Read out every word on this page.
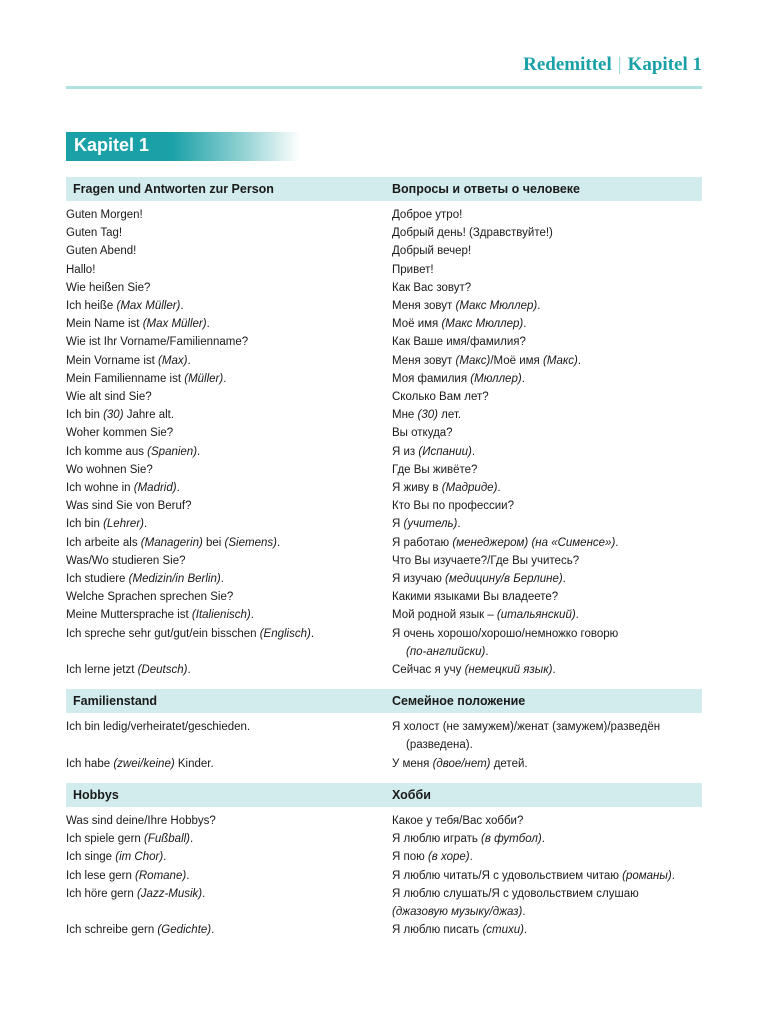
Redemittel | Kapitel 1
Kapitel 1
Fragen und Antworten zur Person	Вопросы и ответы о человеке
Guten Morgen!	Доброе утро!
Guten Tag!	Добрый день! (Здравствуйте!)
Guten Abend!	Добрый вечер!
Hallo!	Привет!
Wie heißen Sie?	Как Вас зовут?
Ich heiße (Max Müller).	Меня зовут (Макс Мюллер).
Mein Name ist (Max Müller).	Моё имя (Макс Мюллер).
Wie ist Ihr Vorname/Familienname?	Как Ваше имя/фамилия?
Mein Vorname ist (Max).	Меня зовут (Макс)/Моё имя (Макс).
Mein Familienname ist (Müller).	Моя фамилия (Мюллер).
Wie alt sind Sie?	Сколько Вам лет?
Ich bin (30) Jahre alt.	Мне (30) лет.
Woher kommen Sie?	Вы откуда?
Ich komme aus (Spanien).	Я из (Испании).
Wo wohnen Sie?	Где Вы живёте?
Ich wohne in (Madrid).	Я живу в (Мадриде).
Was sind Sie von Beruf?	Кто Вы по профессии?
Ich bin (Lehrer).	Я (учитель).
Ich arbeite als (Managerin) bei (Siemens).	Я работаю (менеджером) (на «Сименсе»).
Was/Wo studieren Sie?	Что Вы изучаете?/Где Вы учитесь?
Ich studiere (Medizin/in Berlin).	Я изучаю (медицину/в Берлине).
Welche Sprachen sprechen Sie?	Какими языками Вы владеете?
Meine Muttersprache ist (Italienisch).	Мой родной язык – (итальянский).
Ich spreche sehr gut/gut/ein bisschen (Englisch).	Я очень хорошо/хорошо/немножко говорю
(по-английски).
Ich lerne jetzt (Deutsch).	Сейчас я учу (немецкий язык).
Familienstand	Семейное положение
Ich bin ledig/verheiratet/geschieden.	Я холост (не замужем)/женат (замужем)/разведён
(разведена).
Ich habe (zwei/keine) Kinder.	У меня (двое/нет) детей.
Hobbys	Хобби
Was sind deine/Ihre Hobbys?	Какое у тебя/Вас хобби?
Ich spiele gern (Fußball).	Я люблю играть (в футбол).
Ich singe (im Chor).	Я пою (в хоре).
Ich lese gern (Romane).	Я люблю читать/Я с удовольствием читаю (романы).
Ich höre gern (Jazz-Musik).	Я люблю слушать/Я с удовольствием слушаю
(джазовую музыку/джаз).
Ich schreibe gern (Gedichte).	Я люблю писать (стихи).
